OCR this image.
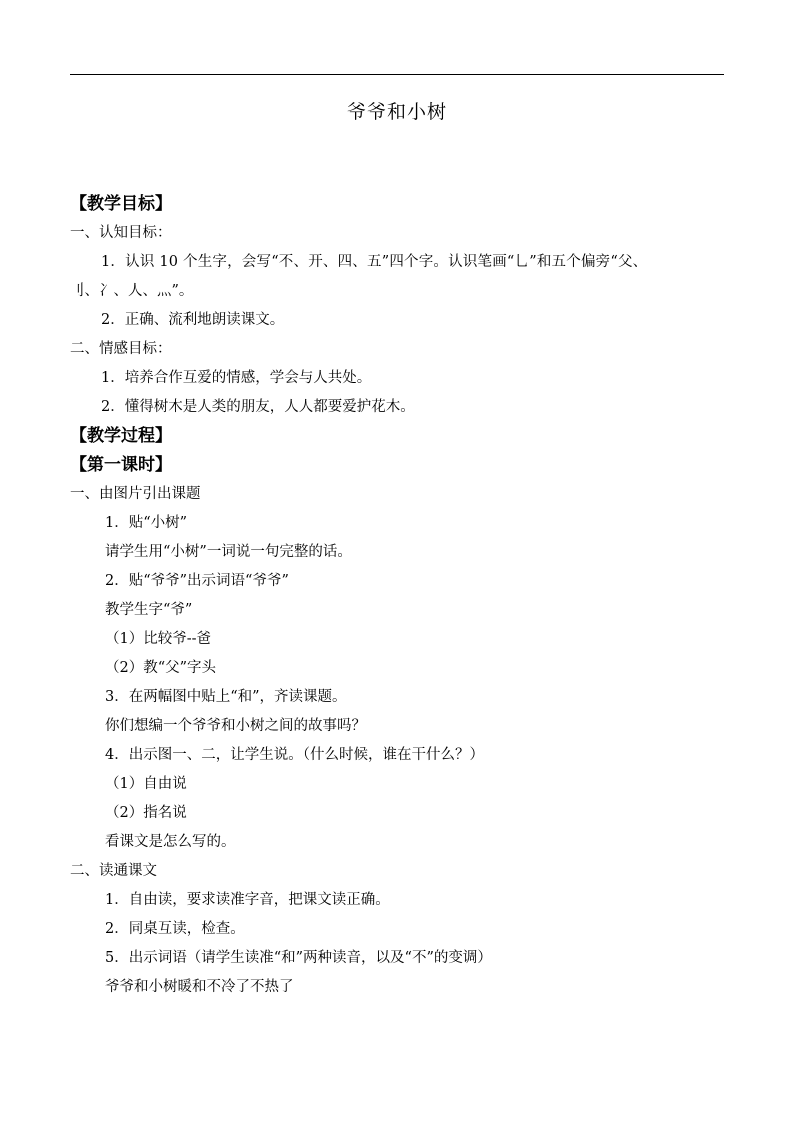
爷爷和小树
【教学目标】
一、认知目标：
1．认识 10 个生字，会写“不、开、四、五”四个字。认识笔画“乚”和五个偏旁“父、
刂、冫、人、灬”。
2．正确、流利地朗读课文。
二、情感目标：
1．培养合作互爱的情感，学会与人共处。
2．懂得树木是人类的朋友，人人都要爱护花木。
【教学过程】
【第一课时】
一、由图片引出课题
1．贴“小树”
请学生用“小树”一词说一句完整的话。
2．贴“爷爷”出示词语“爷爷”
教学生字“爷”
（1）比较爷--爸
（2）教“父”字头
3．在两幅图中贴上“和”，齐读课题。
你们想编一个爷爷和小树之间的故事吗？
4．出示图一、二，让学生说。（什么时候，谁在干什么？）
（1）自由说
（2）指名说
看课文是怎么写的。
二、读通课文
1．自由读，要求读准字音，把课文读正确。
2．同桌互读，检查。
5．出示词语（请学生读准“和”两种读音，以及“不”的变调）
爷爷和小树暖和不冷了不热了
